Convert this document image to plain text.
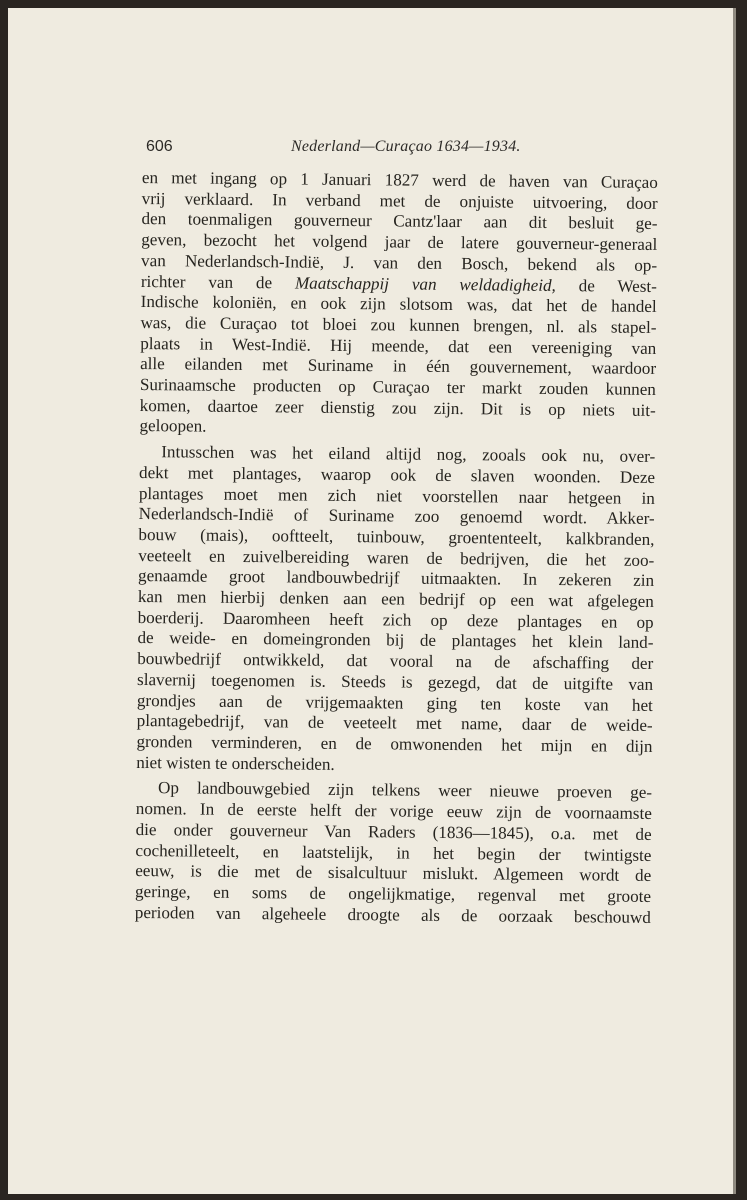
606	Nederland—Curaçao 1634—1934.
en met ingang op 1 Januari 1827 werd de haven van Curaçao
vrij verklaard. In verband met de onjuiste uitvoering, door
den toenmaligen gouverneur Cantz'laar aan dit besluit ge-
geven, bezocht het volgend jaar de latere gouverneur-generaal
van Nederlandsch-Indië, J. van den Bosch, bekend als op-
richter van de Maatschappij van weldadigheid, de West-
Indische koloniën, en ook zijn slotsom was, dat het de handel
was, die Curaçao tot bloei zou kunnen brengen, nl. als stapel-
plaats in West-Indië. Hij meende, dat een vereeniging van
alle eilanden met Suriname in één gouvernement, waardoor
Surinaamsche producten op Curaçao ter markt zouden kunnen
komen, daartoe zeer dienstig zou zijn. Dit is op niets uit-
geloopen.
Intusschen was het eiland altijd nog, zooals ook nu, over-
dekt met plantages, waarop ook de slaven woonden. Deze
plantages moet men zich niet voorstellen naar hetgeen in
Nederlandsch-Indië of Suriname zoo genoemd wordt. Akker-
bouw (mais), ooftteelt, tuinbouw, groententeelt, kalkbranden,
veeteelt en zuivelbereiding waren de bedrijven, die het zoo-
genaamde groot landbouwbedrijf uitmaakten. In zekeren zin
kan men hierbij denken aan een bedrijf op een wat afgelegen
boerderij. Daaromheen heeft zich op deze plantages en op
de weide- en domeingronden bij de plantages het klein land-
bouwbedrijf ontwikkeld, dat vooral na de afschaffing der
slavernij toegenomen is. Steeds is gezegd, dat de uitgifte van
grondjes aan de vrijgemaakten ging ten koste van het
plantagebedrijf, van de veeteelt met name, daar de weide-
gronden verminderen, en de omwonenden het mijn en dijn
niet wisten te onderscheiden.
Op landbouwgebied zijn telkens weer nieuwe proeven ge-
nomen. In de eerste helft der vorige eeuw zijn de voornaamste
die onder gouverneur Van Raders (1836—1845), o.a. met de
cochenilleteelt, en laatstelijk, in het begin der twintigste
eeuw, is die met de sisalcultuur mislukt. Algemeen wordt de
geringe, en soms de ongelijkmatige, regenval met groote
perioden van algeheele droogte als de oorzaak beschouwd
